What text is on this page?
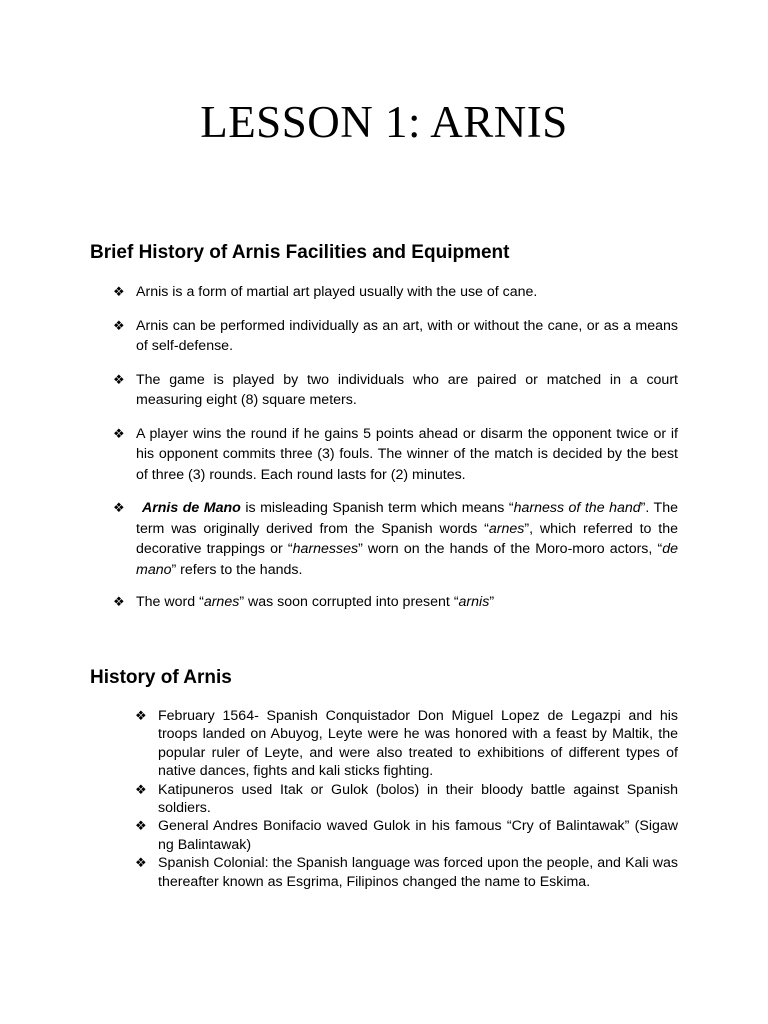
LESSON 1: ARNIS
Brief History of Arnis Facilities and Equipment
❖ Arnis is a form of martial art played usually with the use of cane.
❖ Arnis can be performed individually as an art, with or without the cane, or as a means of self-defense.
❖ The game is played by two individuals who are paired or matched in a court measuring eight (8) square meters.
❖ A player wins the round if he gains 5 points ahead or disarm the opponent twice or if his opponent commits three (3) fouls. The winner of the match is decided by the best of three (3) rounds. Each round lasts for (2) minutes.
❖ Arnis de Mano is misleading Spanish term which means “harness of the hand”. The term was originally derived from the Spanish words “arnes”, which referred to the decorative trappings or “harnesses” worn on the hands of the Moro-moro actors, “de mano” refers to the hands.
❖ The word “arnes” was soon corrupted into present “arnis”
History of Arnis
❖ February 1564- Spanish Conquistador Don Miguel Lopez de Legazpi and his troops landed on Abuyog, Leyte were he was honored with a feast by Maltik, the popular ruler of Leyte, and were also treated to exhibitions of different types of native dances, fights and kali sticks fighting.
❖ Katipuneros used Itak or Gulok (bolos) in their bloody battle against Spanish soldiers.
❖ General Andres Bonifacio waved Gulok in his famous “Cry of Balintawak” (Sigaw ng Balintawak)
❖ Spanish Colonial: the Spanish language was forced upon the people, and Kali was thereafter known as Esgrima, Filipinos changed the name to Eskima.
